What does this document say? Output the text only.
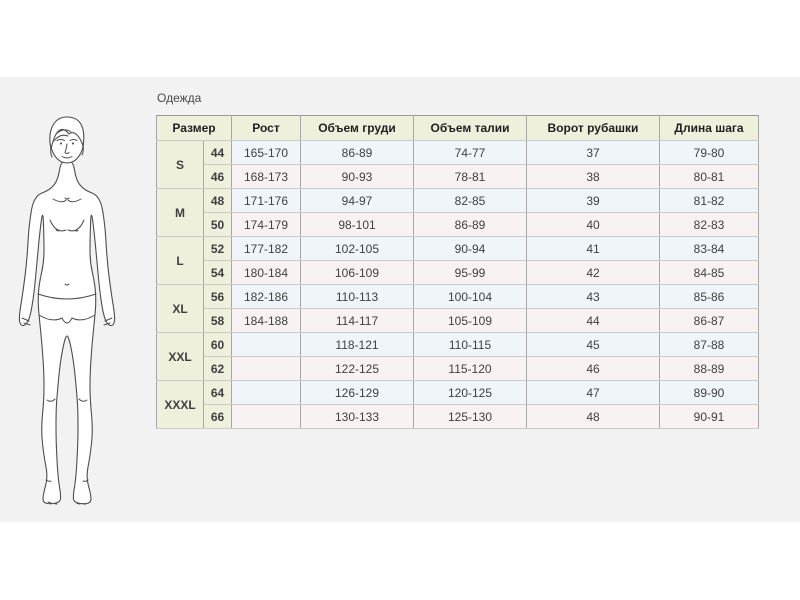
Одежда
Размер		Рост	Объем груди	Объем талии	Ворот рубашки	Длина шага
S	44	165-170	86-89	74-77	37	79-80
	46	168-173	90-93	78-81	38	80-81
M	48	171-176	94-97	82-85	39	81-82
	50	174-179	98-101	86-89	40	82-83
L	52	177-182	102-105	90-94	41	83-84
	54	180-184	106-109	95-99	42	84-85
XL	56	182-186	110-113	100-104	43	85-86
	58	184-188	114-117	105-109	44	86-87
XXL	60		118-121	110-115	45	87-88
	62		122-125	115-120	46	88-89
XXXL	64		126-129	120-125	47	89-90
	66		130-133	125-130	48	90-91
